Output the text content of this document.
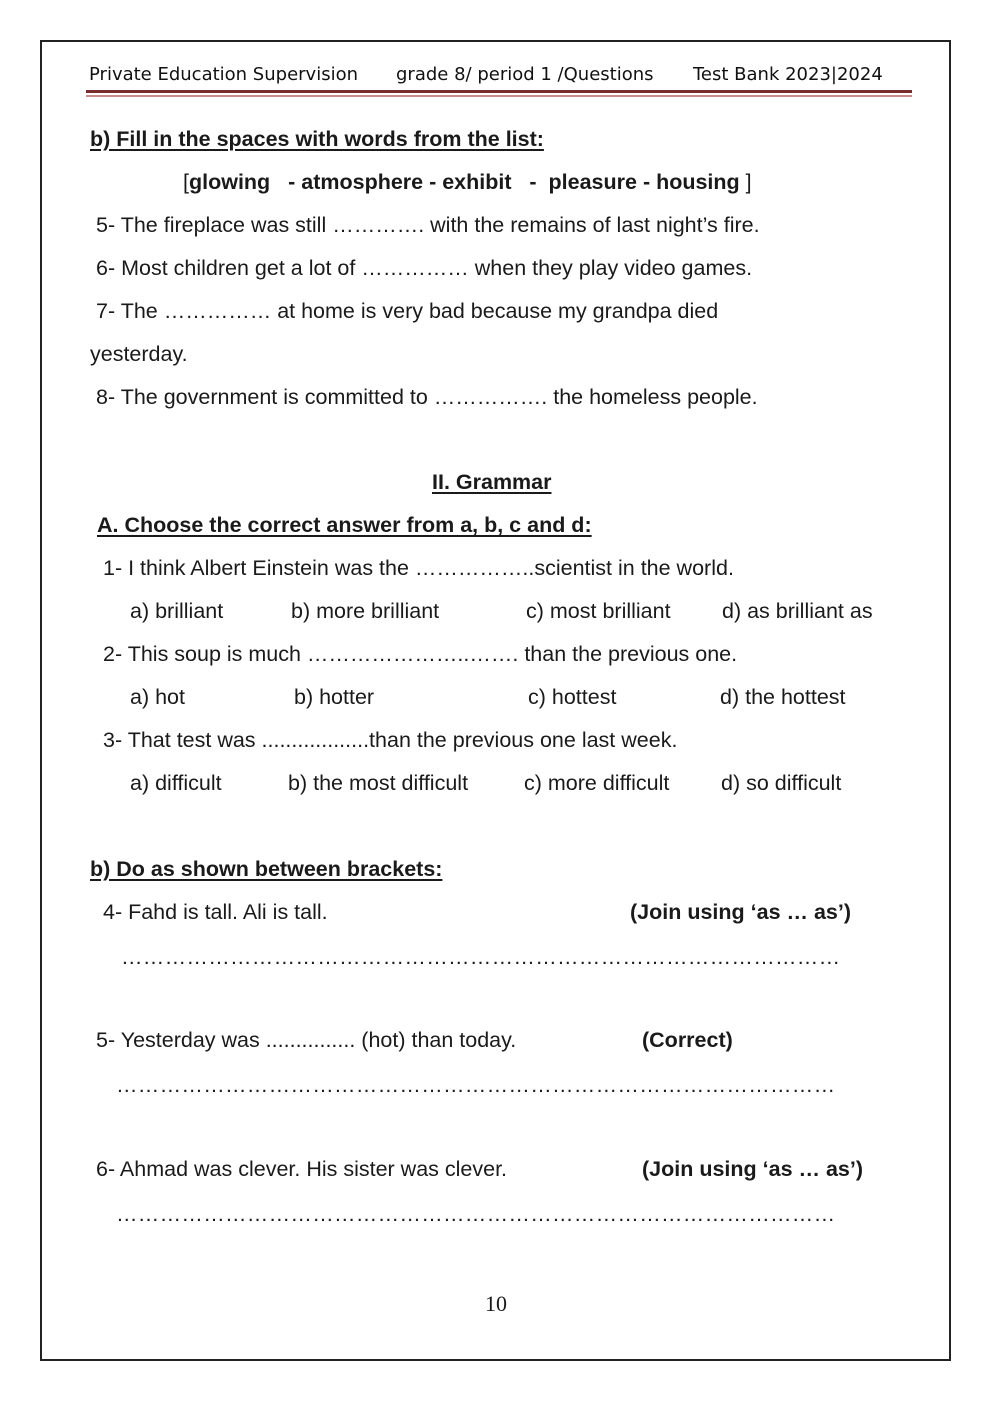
Private Education Supervision grade 8/ period 1 /Questions Test Bank 2023|2024
b) Fill in the spaces with words from the list:
[glowing   - atmosphere - exhibit   -  pleasure - housing ]
5- The fireplace was still …………. with the remains of last night’s fire.
6- Most children get a lot of …………… when they play video games.
7- The …………… at home is very bad because my grandpa died
yesterday.
8- The government is committed to ……………. the homeless people.
II. Grammar
A. Choose the correct answer from a, b, c and d:
1- I think Albert Einstein was the ……………..scientist in the world.
a) brilliant	b) more brilliant	c) most brilliant d) as brilliant as
2- This soup is much …………………..……. than the previous one.
a) hot	b) hotter	c) hottest	d) the hottest
3- That test was ..................than the previous one last week.
a) difficult	b) the most difficult	c) more difficult d) so difficult
b) Do as shown between brackets:
4- Fahd is tall. Ali is tall.	(Join using ‘as … as’)
………………………………………………………………………………………
5- Yesterday was ............... (hot) than today.	(Correct)
………………………………………………………………………………………
6- Ahmad was clever. His sister was clever.	(Join using ‘as … as’)
………………………………………………………………………………………
10
